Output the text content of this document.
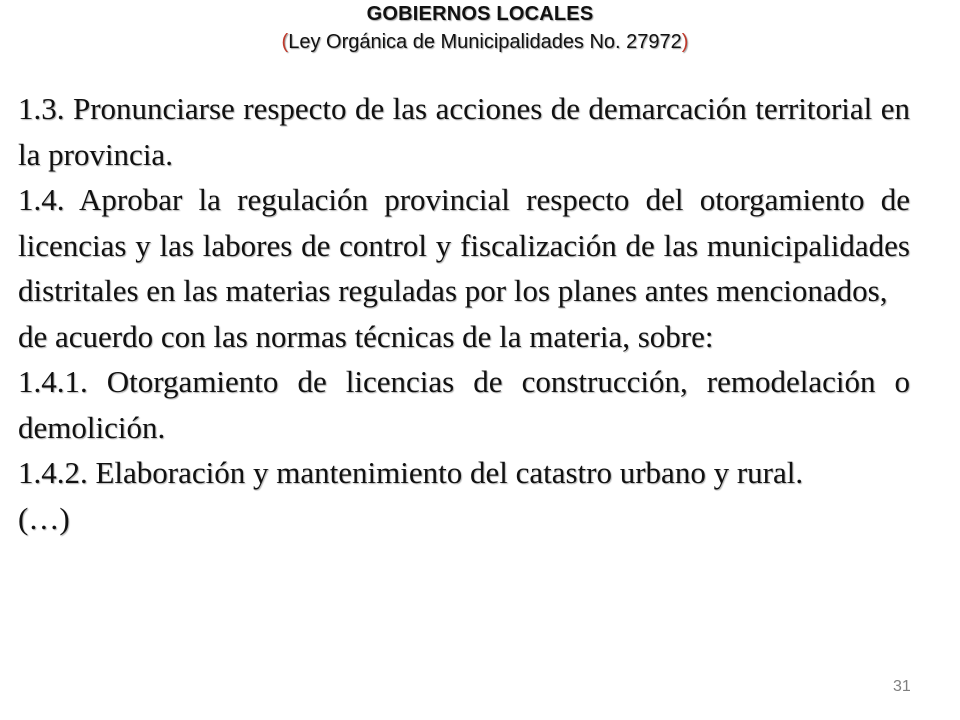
GOBIERNOS LOCALES
(Ley Orgánica de Municipalidades No. 27972)

1.3. Pronunciarse respecto de las acciones de demarcación territorial en la provincia.

1.4. Aprobar la regulación provincial respecto del otorgamiento de licencias y las labores de control y fiscalización de las municipalidades distritales en las materias reguladas por los planes antes mencionados,

de acuerdo con las normas técnicas de la materia, sobre:

1.4.1. Otorgamiento de licencias de construcción, remodelación o demolición.

1.4.2. Elaboración y mantenimiento del catastro urbano y rural.

(…)

31
